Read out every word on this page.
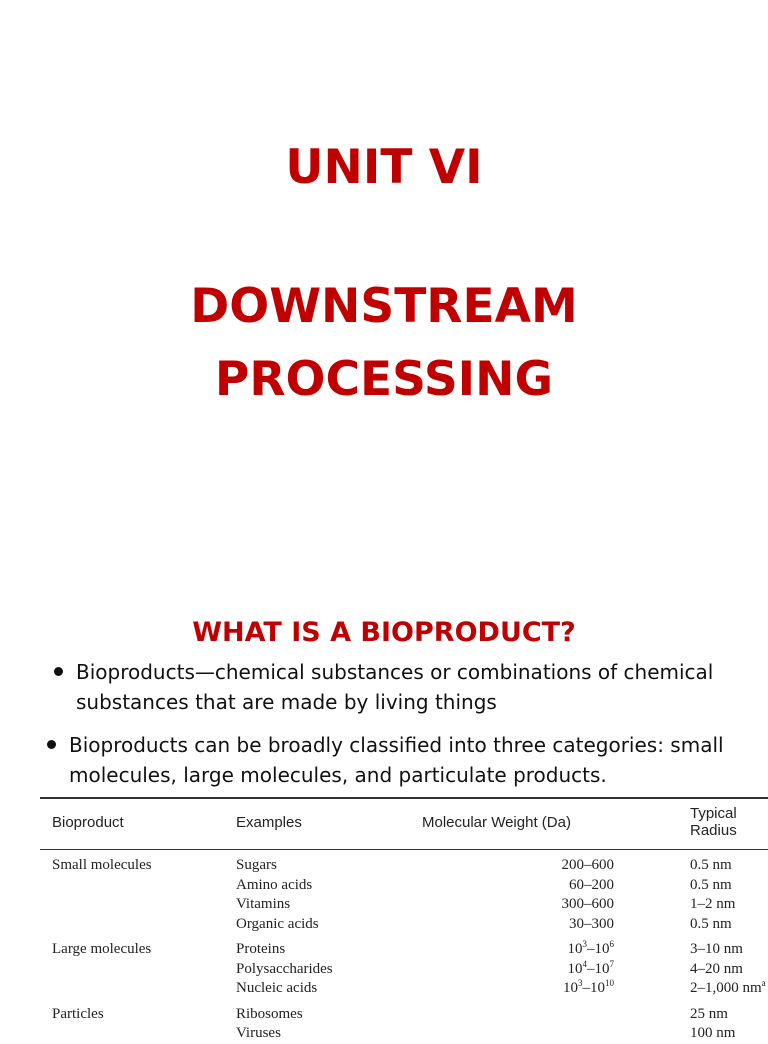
UNIT VI
DOWNSTREAM
PROCESSING
WHAT IS A BIOPRODUCT?
Bioproducts—chemical substances or combinations of chemical substances that are made by living things
Bioproducts can be broadly classified into three categories: small molecules, large molecules, and particulate products.
Bioproduct	Examples	Molecular Weight (Da)	Typical Radius
Small molecules	Sugars	200–600	0.5 nm
	Amino acids	60–200	0.5 nm
	Vitamins	300–600	1–2 nm
	Organic acids	30–300	0.5 nm
Large molecules	Proteins	$10^3-10^6$	3–10 nm
	Polysaccharides	$10^4-10^7$	4–20 nm
	Nucleic acids	$10^3-10^{10}$	2–1,000 $nm^a$
Particles	Ribosomes		25 nm
	Viruses		100 nm
